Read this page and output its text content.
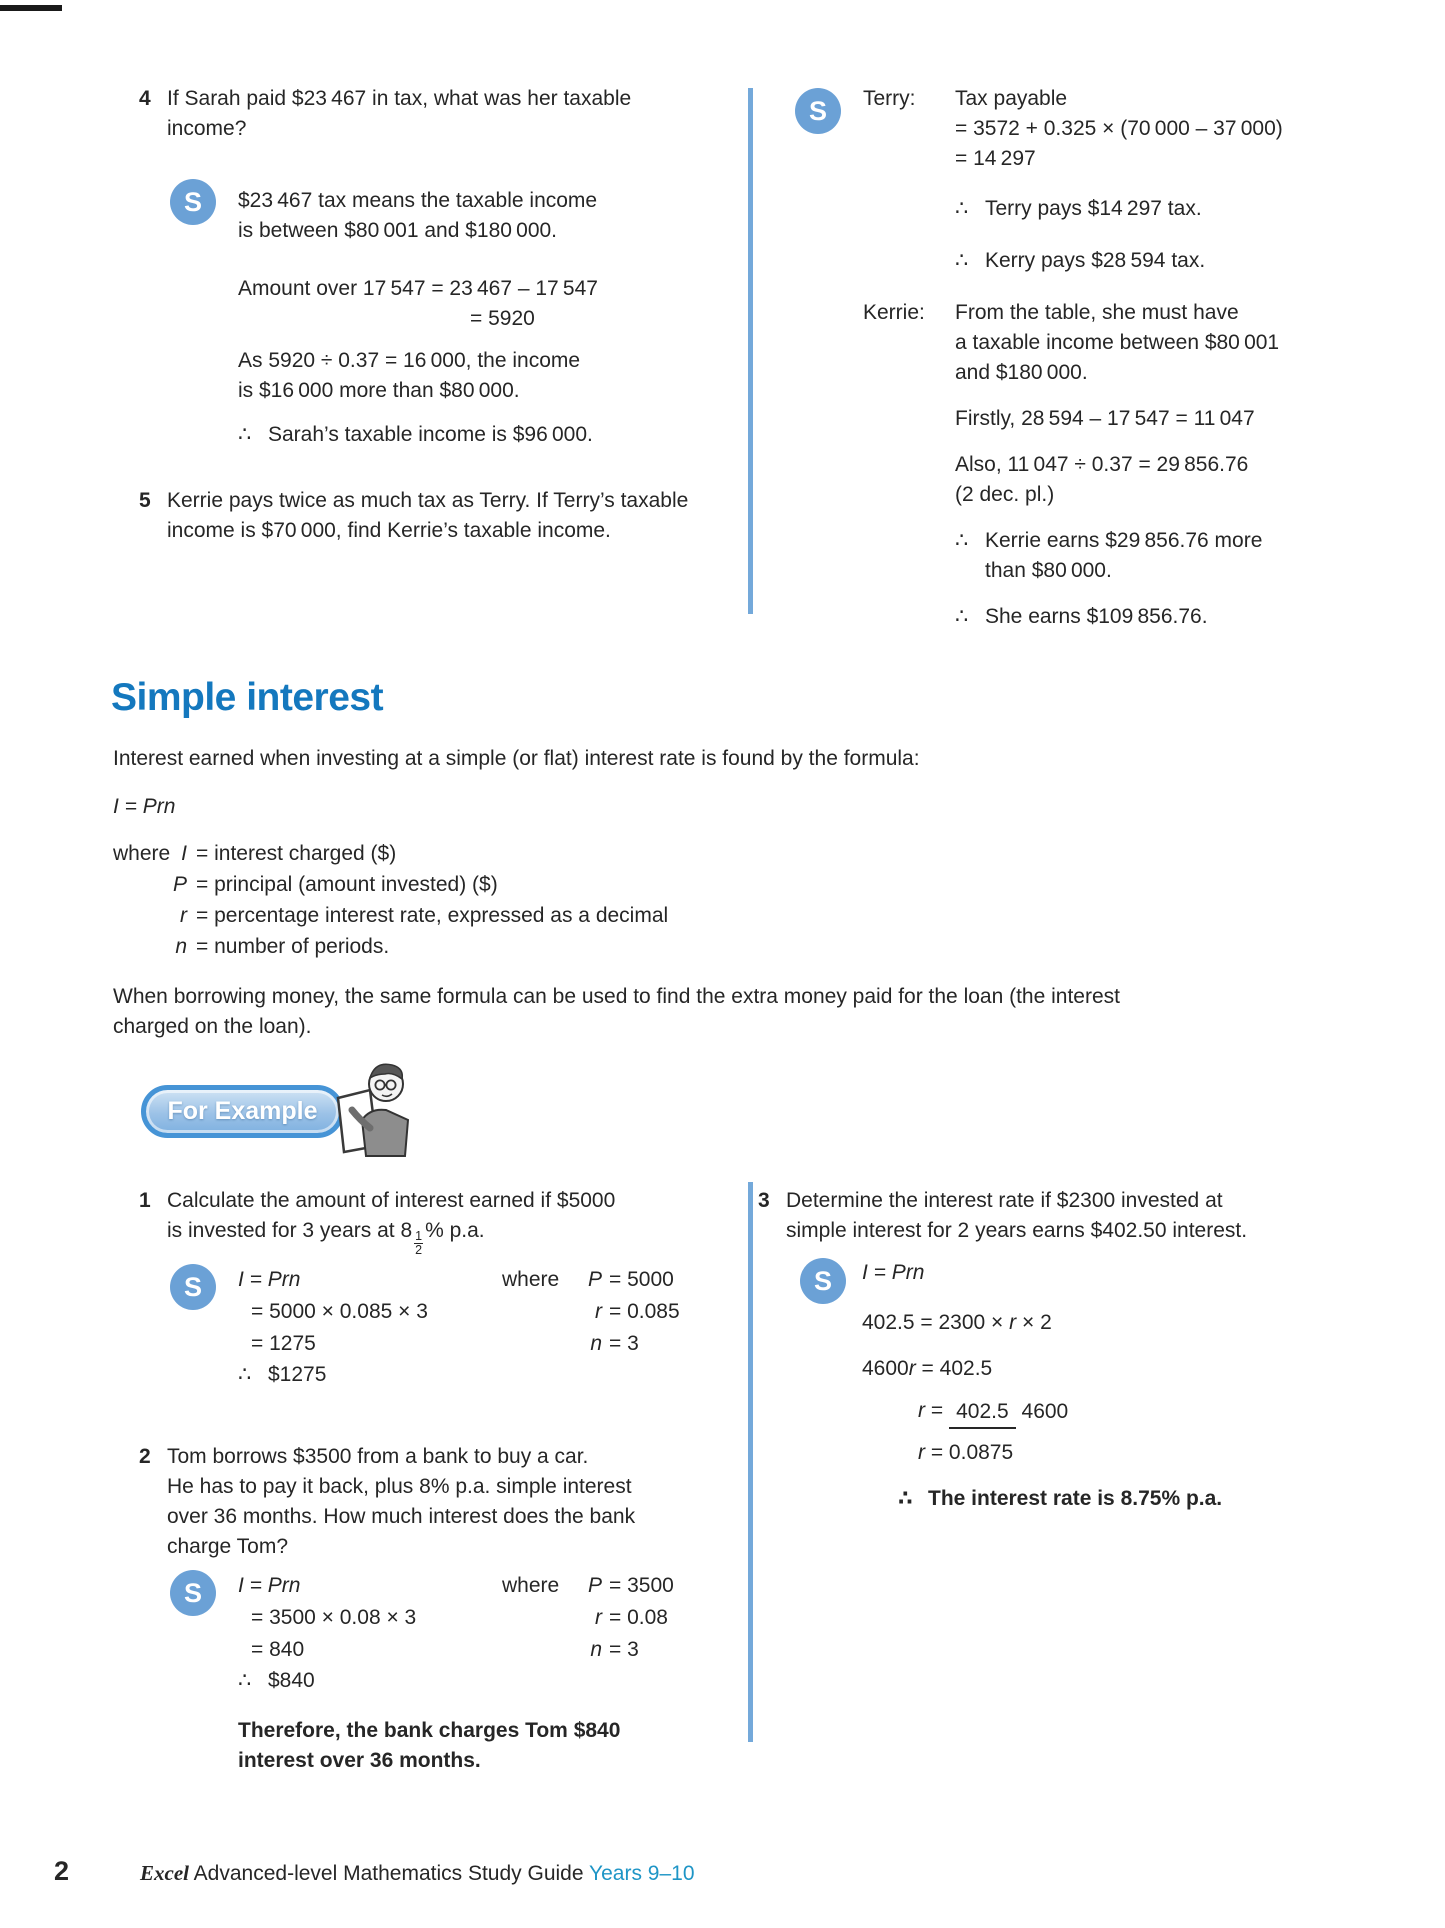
4 If Sarah paid $23 467 in tax, what was her taxable
income?
S	$23 467 tax means the taxable income
is between $80 001 and $180 000.
Amount over 17 547 = 23 467 – 17 547
= 5920
As 5920 ÷ 0.37 = 16 000, the income
is $16 000 more than $80 000.
∴ Sarah’s taxable income is $96 000.
5 Kerrie pays twice as much tax as Terry. If Terry’s taxable
income is $70 000, find Kerrie’s taxable income.
S	Terry:	Tax payable
= 3572 + 0.325 × (70 000 – 37 000)
= 14 297
∴ Terry pays $14 297 tax.
∴ Kerry pays $28 594 tax.
Kerrie:	From the table, she must have
a taxable income between $80 001
and $180 000.
Firstly, 28 594 – 17 547 = 11 047
Also, 11 047 ÷ 0.37 = 29 856.76
(2 dec. pl.)
∴ Kerrie earns $29 856.76 more
than $80 000.
∴ She earns $109 856.76.
Simple interest
Interest earned when investing at a simple (or flat) interest rate is found by the formula:
I = Prn
where I = interest charged ($)
P = principal (amount invested) ($)
r = percentage interest rate, expressed as a decimal
n = number of periods.
When borrowing money, the same formula can be used to find the extra money paid for the loan (the interest
charged on the loan).
For Example
1 Calculate the amount of interest earned if $5000
is invested for 3 years at 8
$\frac{1}{2}$
% p.a.
S	I = Prn	where P = 5000
= 5000 × 0.085 × 3	r = 0.085
= 1275	n = 3
∴ $1275
2 Tom borrows $3500 from a bank to buy a car.
He has to pay it back, plus 8% p.a. simple interest
over 36 months. How much interest does the bank
charge Tom?
S	I = Prn	where P = 3500
= 3500 × 0.08 × 3	r = 0.08
= 840	n = 3
∴ $840
Therefore, the bank charges Tom $840
interest over 36 months.
3 Determine the interest rate if $2300 invested at
simple interest for 2 years earns $402.50 interest.
S	I = Prn
402.5 = 2300 × r × 2
4600r = 402.5
r = 402.5 4600
r = 0.0875
∴ The interest rate is 8.75% p.a.
2	Excel Advanced-level Mathematics Study Guide Years 9–10
